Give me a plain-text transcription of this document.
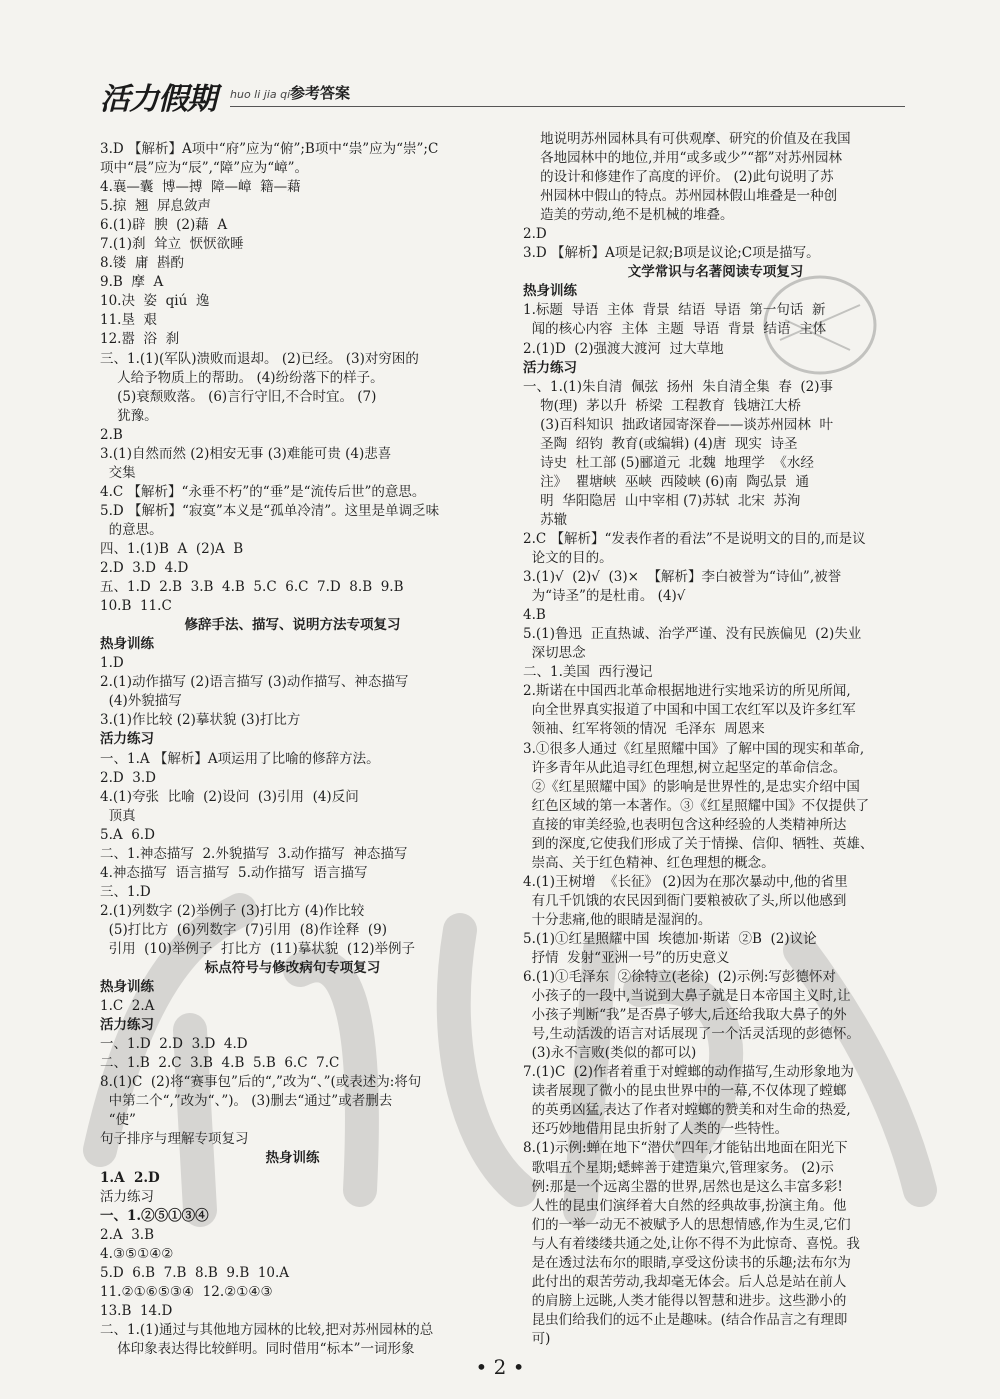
活力假期 huo li jia qi 参考答案
3.D 【解析】A项中“府”应为“俯”;B项中“祟”应为“崇”;C
项中“晨”应为“辰”,“障”应为“嶂”。
4.襄—囊  博—搏  障—嶂  籍—藉
5.掠  翘  屏息敛声
6.(1)辟  腴  (2)藉  A
7.(1)刹  耸立  恹恹欲睡
8.镂  庸  斟酌
9.B  摩  A
10.决  姿  qiú  逸
11.垦  艰
12.嚣  浴  刹
三、1.(1)(军队)溃败而退却。 (2)已经。 (3)对穷困的
人给予物质上的帮助。 (4)纷纷落下的样子。
(5)衰颓败落。 (6)言行守旧,不合时宜。 (7)
犹豫。
2.B
3.(1)自然而然 (2)相安无事 (3)难能可贵 (4)悲喜
交集
4.C 【解析】“永垂不朽”的“垂”是“流传后世”的意思。
5.D 【解析】“寂寞”本义是“孤单冷清”。这里是单调乏味
的意思。
四、1.(1)B  A  (2)A  B
2.D  3.D  4.D
五、1.D  2.B  3.B  4.B  5.C  6.C  7.D  8.B  9.B
10.B  11.C
修辞手法、描写、说明方法专项复习
热身训练
1.D
2.(1)动作描写 (2)语言描写 (3)动作描写、神态描写
(4)外貌描写
3.(1)作比较 (2)摹状貌 (3)打比方
活力练习
一、1.A 【解析】A项运用了比喻的修辞方法。
2.D  3.D
4.(1)夸张  比喻  (2)设问  (3)引用  (4)反问
顶真
5.A  6.D
二、1.神态描写  2.外貌描写  3.动作描写  神态描写
4.神态描写  语言描写  5.动作描写  语言描写
三、1.D
2.(1)列数字 (2)举例子 (3)打比方 (4)作比较
(5)打比方  (6)列数字  (7)引用  (8)作诠释  (9)
引用  (10)举例子  打比方  (11)摹状貌  (12)举例子
标点符号与修改病句专项复习
热身训练
1.C  2.A
活力练习
一、1.D  2.D  3.D  4.D
二、1.B  2.C  3.B  4.B  5.B  6.C  7.C
8.(1)C  (2)将“赛事包”后的“,”改为“、”(或表述为:将句
中第二个“,”改为“、”)。 (3)删去“通过”或者删去
“使”
句子排序与理解专项复习
热身训练
1.A  2.D
活力练习
一、1.②⑤①③④
2.A  3.B
4.③⑤①④②
5.D  6.B  7.B  8.B  9.B  10.A
11.②①⑥⑤③④  12.②①④③
13.B  14.D
二、1.(1)通过与其他地方园林的比较,把对苏州园林的总
体印象表达得比较鲜明。同时借用“标本”一词形象
地说明苏州园林具有可供观摩、研究的价值及在我国
各地园林中的地位,并用“或多或少”“都”对苏州园林
的设计和修建作了高度的评价。 (2)此句说明了苏
州园林中假山的特点。苏州园林假山堆叠是一种创
造美的劳动,绝不是机械的堆叠。
2.D
3.D 【解析】A项是记叙;B项是议论;C项是描写。
文学常识与名著阅读专项复习
热身训练
1.标题  导语  主体  背景  结语  导语  第一句话  新
闻的核心内容  主体  主题  导语  背景  结语  主体
2.(1)D  (2)强渡大渡河  过大草地
活力练习
一、1.(1)朱自清  佩弦  扬州  朱自清全集  春  (2)事
物(理)  茅以升  桥梁  工程教育  钱塘江大桥
(3)百科知识  拙政诸园寄深眷——谈苏州园林  叶
圣陶  绍钧  教育(或编辑) (4)唐  现实  诗圣
诗史  杜工部 (5)郦道元  北魏  地理学  《水经
注》  瞿塘峡  巫峡  西陵峡 (6)南  陶弘景  通
明  华阳隐居  山中宰相 (7)苏轼  北宋  苏洵
苏辙
2.C 【解析】“发表作者的看法”不是说明文的目的,而是议
论文的目的。
3.(1)√  (2)√  (3)×  【解析】李白被誉为“诗仙”,被誉
为“诗圣”的是杜甫。 (4)√
4.B
5.(1)鲁迅  正直热诚、治学严谨、没有民族偏见  (2)失业
深切思念
二、1.美国  西行漫记
2.斯诺在中国西北革命根据地进行实地采访的所见所闻,
向全世界真实报道了中国和中国工农红军以及许多红军
领袖、红军将领的情况  毛泽东  周恩来
3.①很多人通过《红星照耀中国》了解中国的现实和革命,
许多青年从此追寻红色理想,树立起坚定的革命信念。
②《红星照耀中国》的影响是世界性的,是忠实介绍中国
红色区域的第一本著作。③《红星照耀中国》不仅提供了
直接的审美经验,也表明包含这种经验的人类精神所达
到的深度,它使我们形成了关于情操、信仰、牺牲、英雄、
崇高、关于红色精神、红色理想的概念。
4.(1)王树增  《长征》 (2)因为在那次暴动中,他的省里
有几千饥饿的农民因到衙门要粮被砍了头,所以他感到
十分悲痛,他的眼睛是湿润的。
5.(1)①红星照耀中国  埃德加·斯诺  ②B  (2)议论
抒情  发射“亚洲一号”的历史意义
6.(1)①毛泽东  ②徐特立(老徐)  (2)示例:写彭德怀对
小孩子的一段中,当说到大鼻子就是日本帝国主义时,让
小孩子判断“我”是否鼻子够大,后还给我取大鼻子的外
号,生动活泼的语言对话展现了一个活灵活现的彭德怀。
(3)永不言败(类似的都可以)
7.(1)C  (2)作者着重于对螳螂的动作描写,生动形象地为
读者展现了微小的昆虫世界中的一幕,不仅体现了螳螂
的英勇凶猛,表达了作者对螳螂的赞美和对生命的热爱,
还巧妙地借用昆虫折射了人类的一些特性。
8.(1)示例:蝉在地下“潜伏”四年,才能钻出地面在阳光下
歌唱五个星期;蟋蟀善于建造巢穴,管理家务。 (2)示
例:那是一个远离尘嚣的世界,居然也是这么丰富多彩!
人性的昆虫们演绎着大自然的经典故事,扮演主角。他
们的一举一动无不被赋予人的思想情感,作为生灵,它们
与人有着缕缕共通之处,让你不得不为此惊奇、喜悦。我
是在透过法布尔的眼睛,享受这份读书的乐趣;法布尔为
此付出的艰苦劳动,我却毫无体会。后人总是站在前人
的肩膀上远眺,人类才能得以智慧和进步。这些渺小的
昆虫们给我们的远不止是趣味。(结合作品言之有理即
可)
• 2 •
